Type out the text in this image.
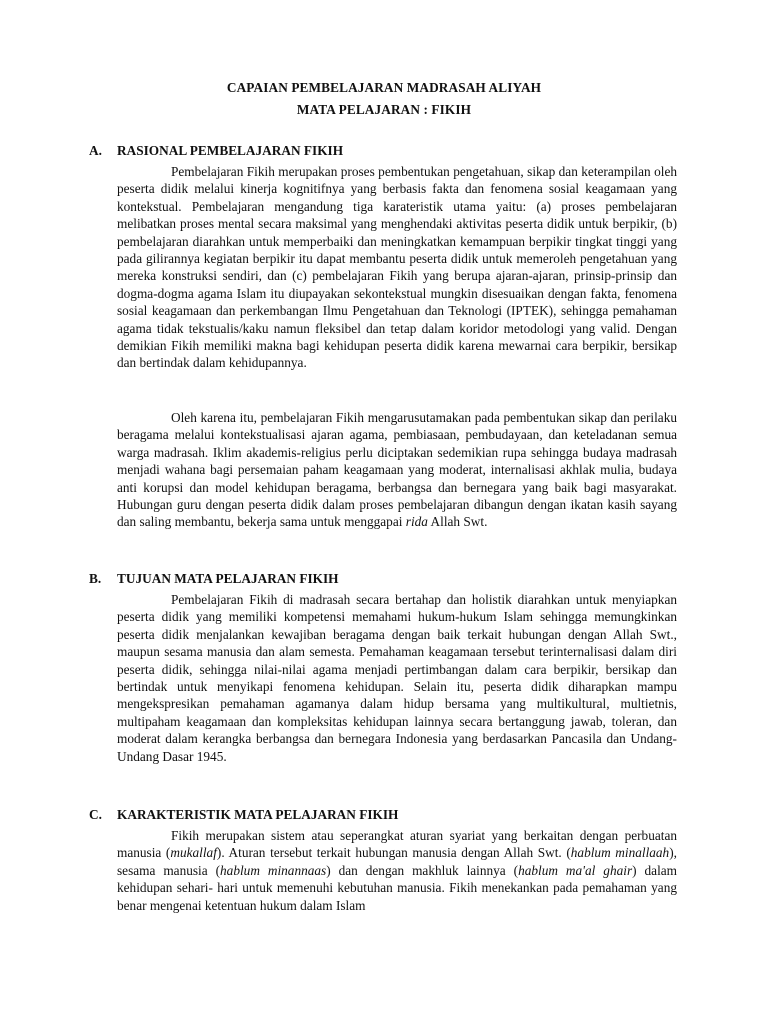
CAPAIAN PEMBELAJARAN MADRASAH ALIYAH
MATA PELAJARAN : FIKIH
A. RASIONAL PEMBELAJARAN FIKIH

Pembelajaran Fikih merupakan proses pembentukan pengetahuan, sikap dan keterampilan oleh peserta didik melalui kinerja kognitifnya yang berbasis fakta dan fenomena sosial keagamaan yang kontekstual. Pembelajaran mengandung tiga karateristik utama yaitu: (a) proses pembelajaran melibatkan proses mental secara maksimal yang menghendaki aktivitas peserta didik untuk berpikir, (b) pembelajaran diarahkan untuk memperbaiki dan meningkatkan kemampuan berpikir tingkat tinggi yang pada gilirannya kegiatan berpikir itu dapat membantu peserta didik untuk memeroleh pengetahuan yang mereka konstruksi sendiri, dan (c) pembelajaran Fikih yang berupa ajaran-ajaran, prinsip-prinsip dan dogma-dogma agama Islam itu diupayakan sekontekstual mungkin disesuaikan dengan fakta, fenomena sosial keagamaan dan perkembangan Ilmu Pengetahuan dan Teknologi (IPTEK), sehingga pemahaman agama tidak tekstualis/kaku namun fleksibel dan tetap dalam koridor metodologi yang valid. Dengan demikian Fikih memiliki makna bagi kehidupan peserta didik karena mewarnai cara berpikir, bersikap dan bertindak dalam kehidupannya.

Oleh karena itu, pembelajaran Fikih mengarusutamakan pada pembentukan sikap dan perilaku beragama melalui kontekstualisasi ajaran agama, pembiasaan, pembudayaan, dan keteladanan semua warga madrasah. Iklim akademis-religius perlu diciptakan sedemikian rupa sehingga budaya madrasah menjadi wahana bagi persemaian paham keagamaan yang moderat, internalisasi akhlak mulia, budaya anti korupsi dan model kehidupan beragama, berbangsa dan bernegara yang baik bagi masyarakat. Hubungan guru dengan peserta didik dalam proses pembelajaran dibangun dengan ikatan kasih sayang dan saling membantu, bekerja sama untuk menggapai rida Allah Swt.

B. TUJUAN MATA PELAJARAN FIKIH

Pembelajaran Fikih di madrasah secara bertahap dan holistik diarahkan untuk menyiapkan peserta didik yang memiliki kompetensi memahami hukum-hukum Islam sehingga memungkinkan peserta didik menjalankan kewajiban beragama dengan baik terkait hubungan dengan Allah Swt., maupun sesama manusia dan alam semesta. Pemahaman keagamaan tersebut terinternalisasi dalam diri peserta didik, sehingga nilai-nilai agama menjadi pertimbangan dalam cara berpikir, bersikap dan bertindak untuk menyikapi fenomena kehidupan. Selain itu, peserta didik diharapkan mampu mengekspresikan pemahaman agamanya dalam hidup bersama yang multikultural, multietnis, multipaham keagamaan dan kompleksitas kehidupan lainnya secara bertanggung jawab, toleran, dan moderat dalam kerangka berbangsa dan bernegara Indonesia yang berdasarkan Pancasila dan Undang-Undang Dasar 1945.

C. KARAKTERISTIK MATA PELAJARAN FIKIH

Fikih merupakan sistem atau seperangkat aturan syariat yang berkaitan dengan perbuatan manusia (mukallaf). Aturan tersebut terkait hubungan manusia dengan Allah Swt. (hablum minallaah), sesama manusia (hablum minannaas) dan dengan makhluk lainnya (hablum ma'al ghair) dalam kehidupan sehari- hari untuk memenuhi kebutuhan manusia. Fikih menekankan pada pemahaman yang benar mengenai ketentuan hukum dalam Islam
